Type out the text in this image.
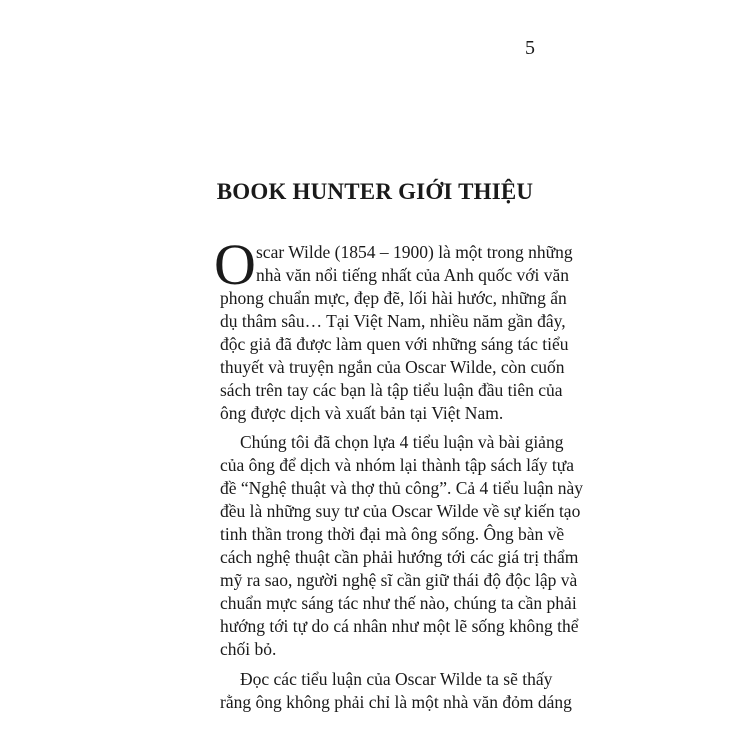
5
BOOK HUNTER GIỚI THIỆU
O scar Wilde (1854 – 1900) là một trong những
nhà văn nổi tiếng nhất của Anh quốc với văn
phong chuẩn mực, đẹp đẽ, lối hài hước, những ẩn
dụ thâm sâu… Tại Việt Nam, nhiều năm gần đây,
độc giả đã được làm quen với những sáng tác tiểu
thuyết và truyện ngắn của Oscar Wilde, còn cuốn
sách trên tay các bạn là tập tiểu luận đầu tiên của
ông được dịch và xuất bản tại Việt Nam.
Chúng tôi đã chọn lựa 4 tiểu luận và bài giảng
của ông để dịch và nhóm lại thành tập sách lấy tựa
đề “Nghệ thuật và thợ thủ công”. Cả 4 tiểu luận này
đều là những suy tư của Oscar Wilde về sự kiến tạo
tinh thần trong thời đại mà ông sống. Ông bàn về
cách nghệ thuật cần phải hướng tới các giá trị thẩm
mỹ ra sao, người nghệ sĩ cần giữ thái độ độc lập và
chuẩn mực sáng tác như thế nào, chúng ta cần phải
hướng tới tự do cá nhân như một lẽ sống không thể
chối bỏ.
Đọc các tiểu luận của Oscar Wilde ta sẽ thấy
rằng ông không phải chỉ là một nhà văn đỏm dáng
